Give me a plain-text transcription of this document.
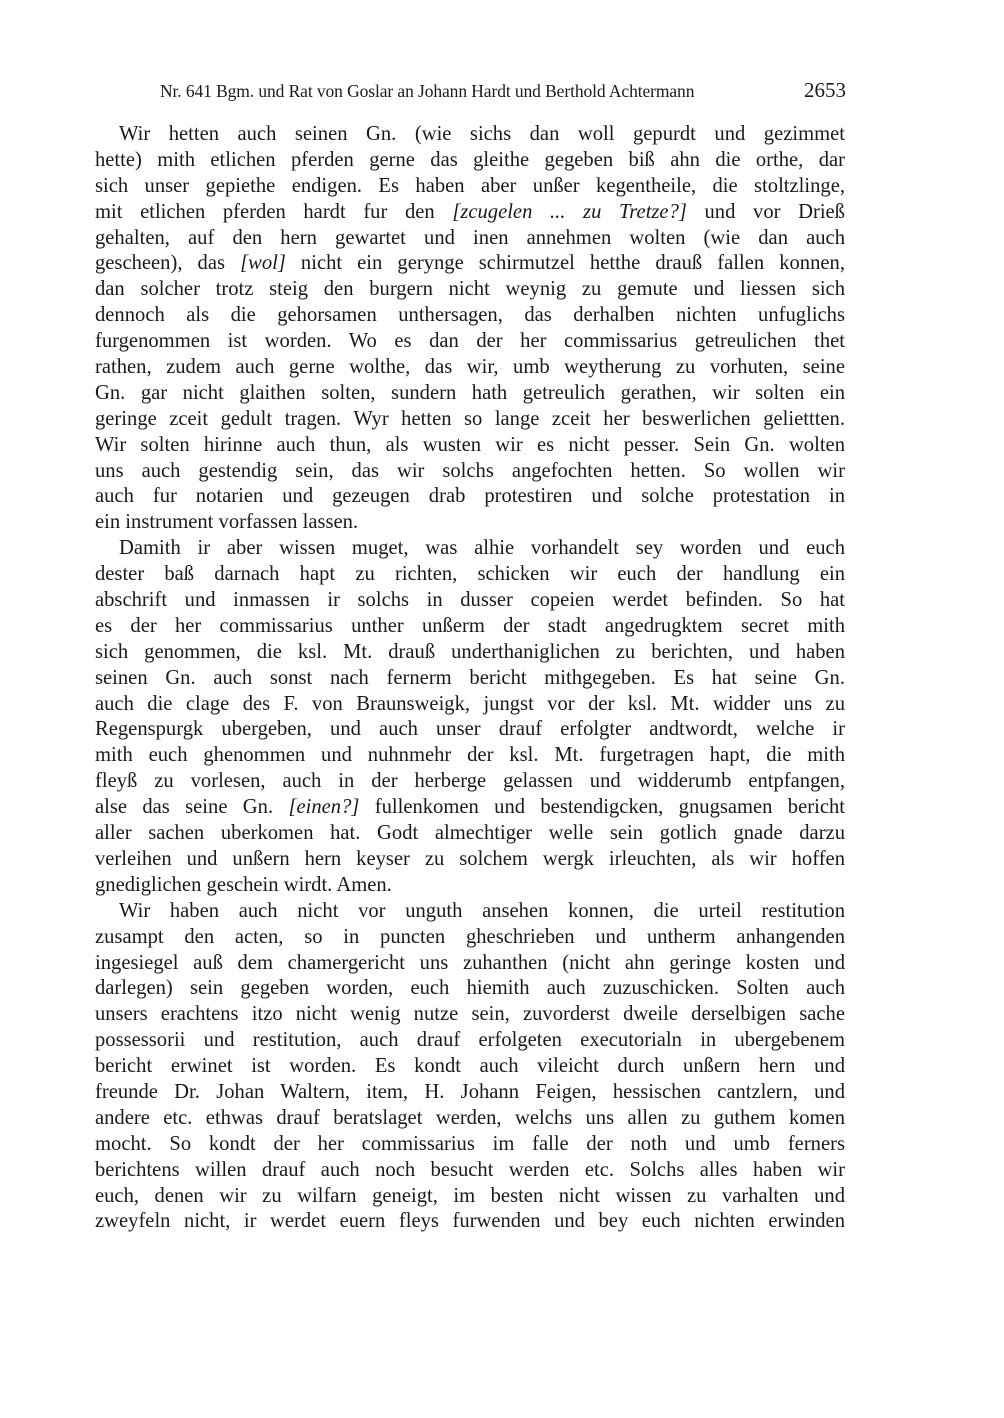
Nr. 641 Bgm. und Rat von Goslar an Johann Hardt und Berthold Achtermann	2653
Wir hetten auch seinen Gn. (wie sichs dan woll gepurdt und gezimmet
hette) mith etlichen pferden gerne das gleithe gegeben biß ahn die orthe, dar
sich unser gepiethe endigen. Es haben aber unßer kegentheile, die stoltzlinge,
mit etlichen pferden hardt fur den [zcugelen ... zu Tretze?] und vor Drieß
gehalten, auf den hern gewartet und inen annehmen wolten (wie dan auch
gescheen), das [wol] nicht ein gerynge schirmutzel hetthe drauß fallen konnen,
dan solcher trotz steig den burgern nicht weynig zu gemute und liessen sich
dennoch als die gehorsamen unthersagen, das derhalben nichten unfuglichs
furgenommen ist worden. Wo es dan der her commissarius getreulichen thet
rathen, zudem auch gerne wolthe, das wir, umb weytherung zu vorhuten, seine
Gn. gar nicht glaithen solten, sundern hath getreulich gerathen, wir solten ein
geringe zceit gedult tragen. Wyr hetten so lange zceit her beswerlichen geliettten.
Wir solten hirinne auch thun, als wusten wir es nicht pesser. Sein Gn. wolten
uns auch gestendig sein, das wir solchs angefochten hetten. So wollen wir
auch fur notarien und gezeugen drab protestiren und solche protestation in
ein instrument vorfassen lassen.
Damith ir aber wissen muget, was alhie vorhandelt sey worden und euch
dester baß darnach hapt zu richten, schicken wir euch der handlung ein
abschrift und inmassen ir solchs in dusser copeien werdet befinden. So hat
es der her commissarius unther unßerm der stadt angedrugktem secret mith
sich genommen, die ksl. Mt. drauß underthaniglichen zu berichten, und haben
seinen Gn. auch sonst nach fernerm bericht mithgegeben. Es hat seine Gn.
auch die clage des F. von Braunsweigk, jungst vor der ksl. Mt. widder uns zu
Regenspurgk ubergeben, und auch unser drauf erfolgter andtwordt, welche ir
mith euch ghenommen und nuhnmehr der ksl. Mt. furgetragen hapt, die mith
fleyß zu vorlesen, auch in der herberge gelassen und widderumb entpfangen,
alse das seine Gn. [einen?] fullenkomen und bestendigcken, gnugsamen bericht
aller sachen uberkomen hat. Godt almechtiger welle sein gotlich gnade darzu
verleihen und unßern hern keyser zu solchem wergk irleuchten, als wir hoffen
gnediglichen geschein wirdt. Amen.
Wir haben auch nicht vor unguth ansehen konnen, die urteil restitution
zusampt den acten, so in puncten gheschrieben und untherm anhangenden
ingesiegel auß dem chamergericht uns zuhanthen (nicht ahn geringe kosten und
darlegen) sein gegeben worden, euch hiemith auch zuzuschicken. Solten auch
unsers erachtens itzo nicht wenig nutze sein, zuvorderst dweile derselbigen sache
possessorii und restitution, auch drauf erfolgeten executorialn in ubergebenem
bericht erwinet ist worden. Es kondt auch vileicht durch unßern hern und
freunde Dr. Johan Waltern, item, H. Johann Feigen, hessischen cantzlern, und
andere etc. ethwas drauf beratslaget werden, welchs uns allen zu guthem komen
mocht. So kondt der her commissarius im falle der noth und umb ferners
berichtens willen drauf auch noch besucht werden etc. Solchs alles haben wir
euch, denen wir zu wilfarn geneigt, im besten nicht wissen zu varhalten und
zweyfeln nicht, ir werdet euern fleys furwenden und bey euch nichten erwinden
